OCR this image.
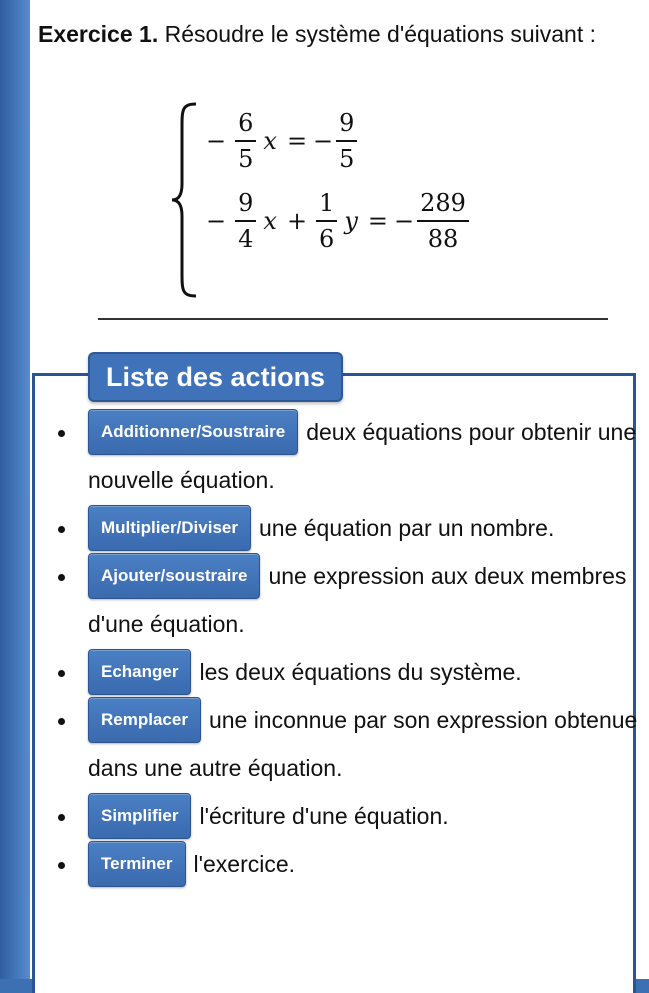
Exercice 1. Résoudre le système d'équations suivant :

− $\frac{6}{5}$ x = − $\frac{9}{5}$
− $\frac{9}{4}$ $x + \frac{1}{6}$ y = − $\frac{289}{88}$
Liste des actions
Additionner/Soustraire deux équations pour obtenir une nouvelle équation.
Multiplier/Diviser une équation par un nombre.
Ajouter/soustraire une expression aux deux membres d'une équation.
Echanger les deux équations du système.
Remplacer une inconnue par son expression obtenue dans une autre équation.
Simplifier l'écriture d'une équation.
Terminer l'exercice.
